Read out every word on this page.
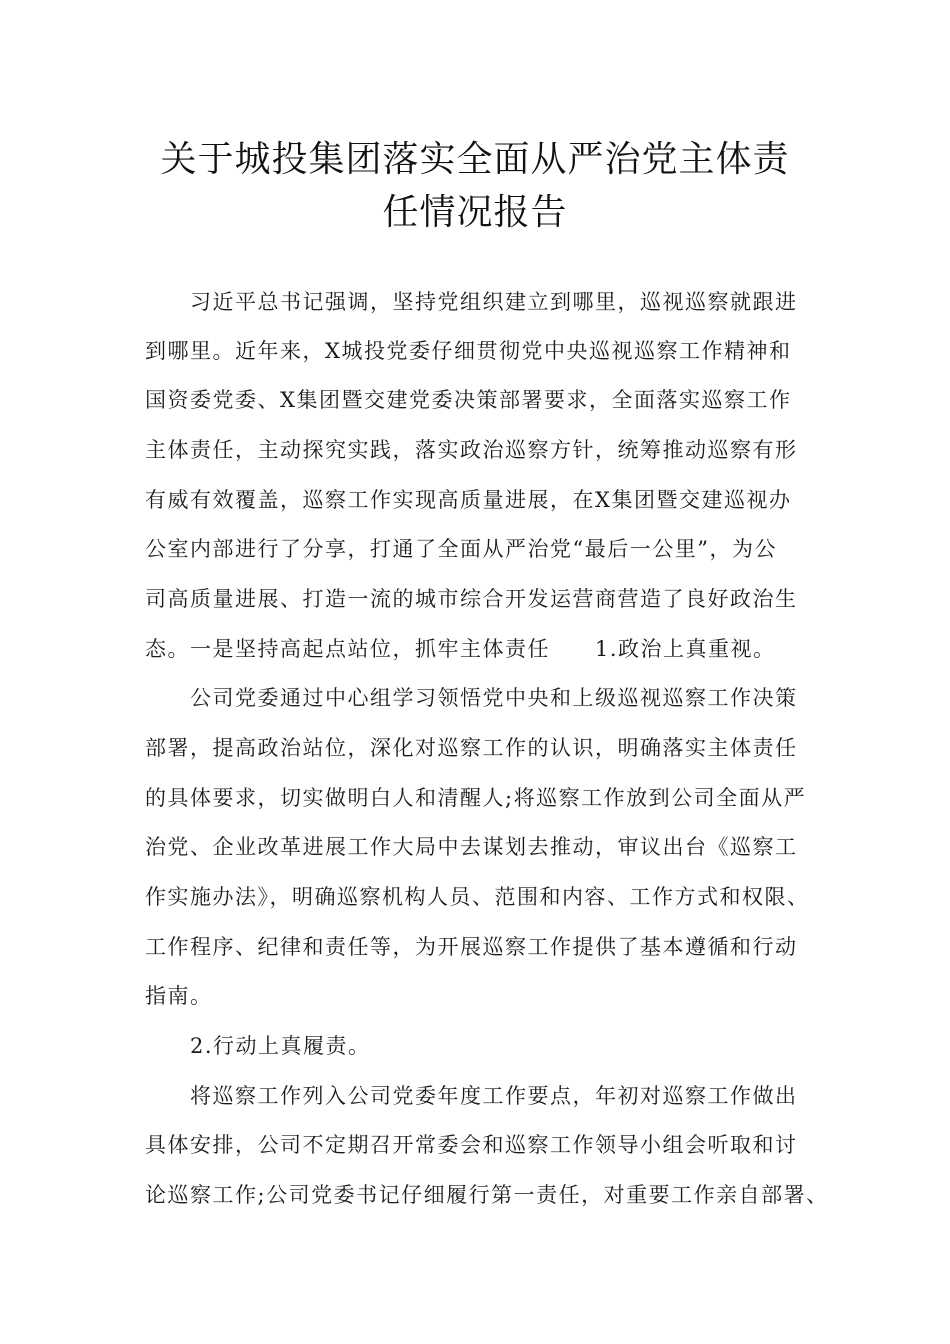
关于城投集团落实全面从严治党主体责
任情况报告
　　习近平总书记强调，坚持党组织建立到哪里，巡视巡察就跟进
到哪里。近年来，X城投党委仔细贯彻党中央巡视巡察工作精神和
国资委党委、X集团暨交建党委决策部署要求，全面落实巡察工作
主体责任，主动探究实践，落实政治巡察方针，统筹推动巡察有形
有威有效覆盖，巡察工作实现高质量进展，在X集团暨交建巡视办
公室内部进行了分享，打通了全面从严治党“最后一公里”，为公
司高质量进展、打造一流的城市综合开发运营商营造了良好政治生
态。一是坚持高起点站位，抓牢主体责任　　1.政治上真重视。
　　公司党委通过中心组学习领悟党中央和上级巡视巡察工作决策
部署，提高政治站位，深化对巡察工作的认识，明确落实主体责任
的具体要求，切实做明白人和清醒人;将巡察工作放到公司全面从严
治党、企业改革进展工作大局中去谋划去推动，审议出台《巡察工
作实施办法》，明确巡察机构人员、范围和内容、工作方式和权限、
工作程序、纪律和责任等，为开展巡察工作提供了基本遵循和行动
指南。
　　2.行动上真履责。
　　将巡察工作列入公司党委年度工作要点，年初对巡察工作做出
具体安排，公司不定期召开常委会和巡察工作领导小组会听取和讨
论巡察工作;公司党委书记仔细履行第一责任，对重要工作亲自部署、
